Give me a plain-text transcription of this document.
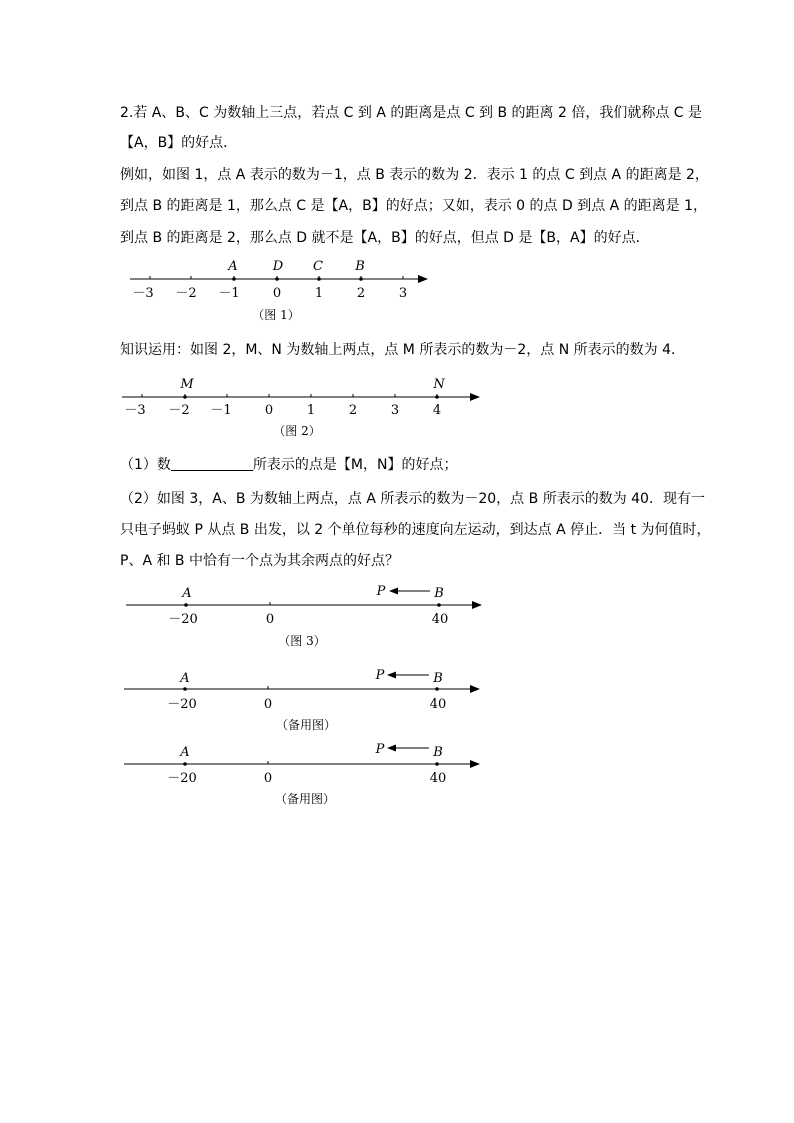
2.若 A、B、C 为数轴上三点，若点 C 到 A 的距离是点 C 到 B 的距离 2 倍，我们就称点 C 是
【A，B】的好点．
例如，如图 1，点 A 表示的数为－1，点 B 表示的数为 2．表示 1 的点 C 到点 A 的距离是 2，
到点 B 的距离是 1，那么点 C 是【A，B】的好点；又如，表示 0 的点 D 到点 A 的距离是 1，
到点 B 的距离是 2，那么点 D 就不是【A，B】的好点，但点 D 是【B，A】的好点．
A	D C B
－3 －2 －1	0	1	2	3
（图 1）
知识运用：如图 2，M、N 为数轴上两点，点 M 所表示的数为－2，点 N 所表示的数为 4．
M	N
－3 －2 －1	0	1	2	3	4
（图 2）
（1）数	所表示的点是【M，N】的好点；
（2）如图 3，A、B 为数轴上两点，点 A 所表示的数为－20，点 B 所表示的数为 40．现有一
只电子蚂蚁 P 从点 B 出发，以 2 个单位每秒的速度向左运动，到达点 A 停止．当 t 为何值时，
P、A 和 B 中恰有一个点为其余两点的好点？
A	B
P
－20	0	40
（图 3）
A	B
P
－20	0	40
（备用图）
A	B
P
－20	0	40
（备用图）
